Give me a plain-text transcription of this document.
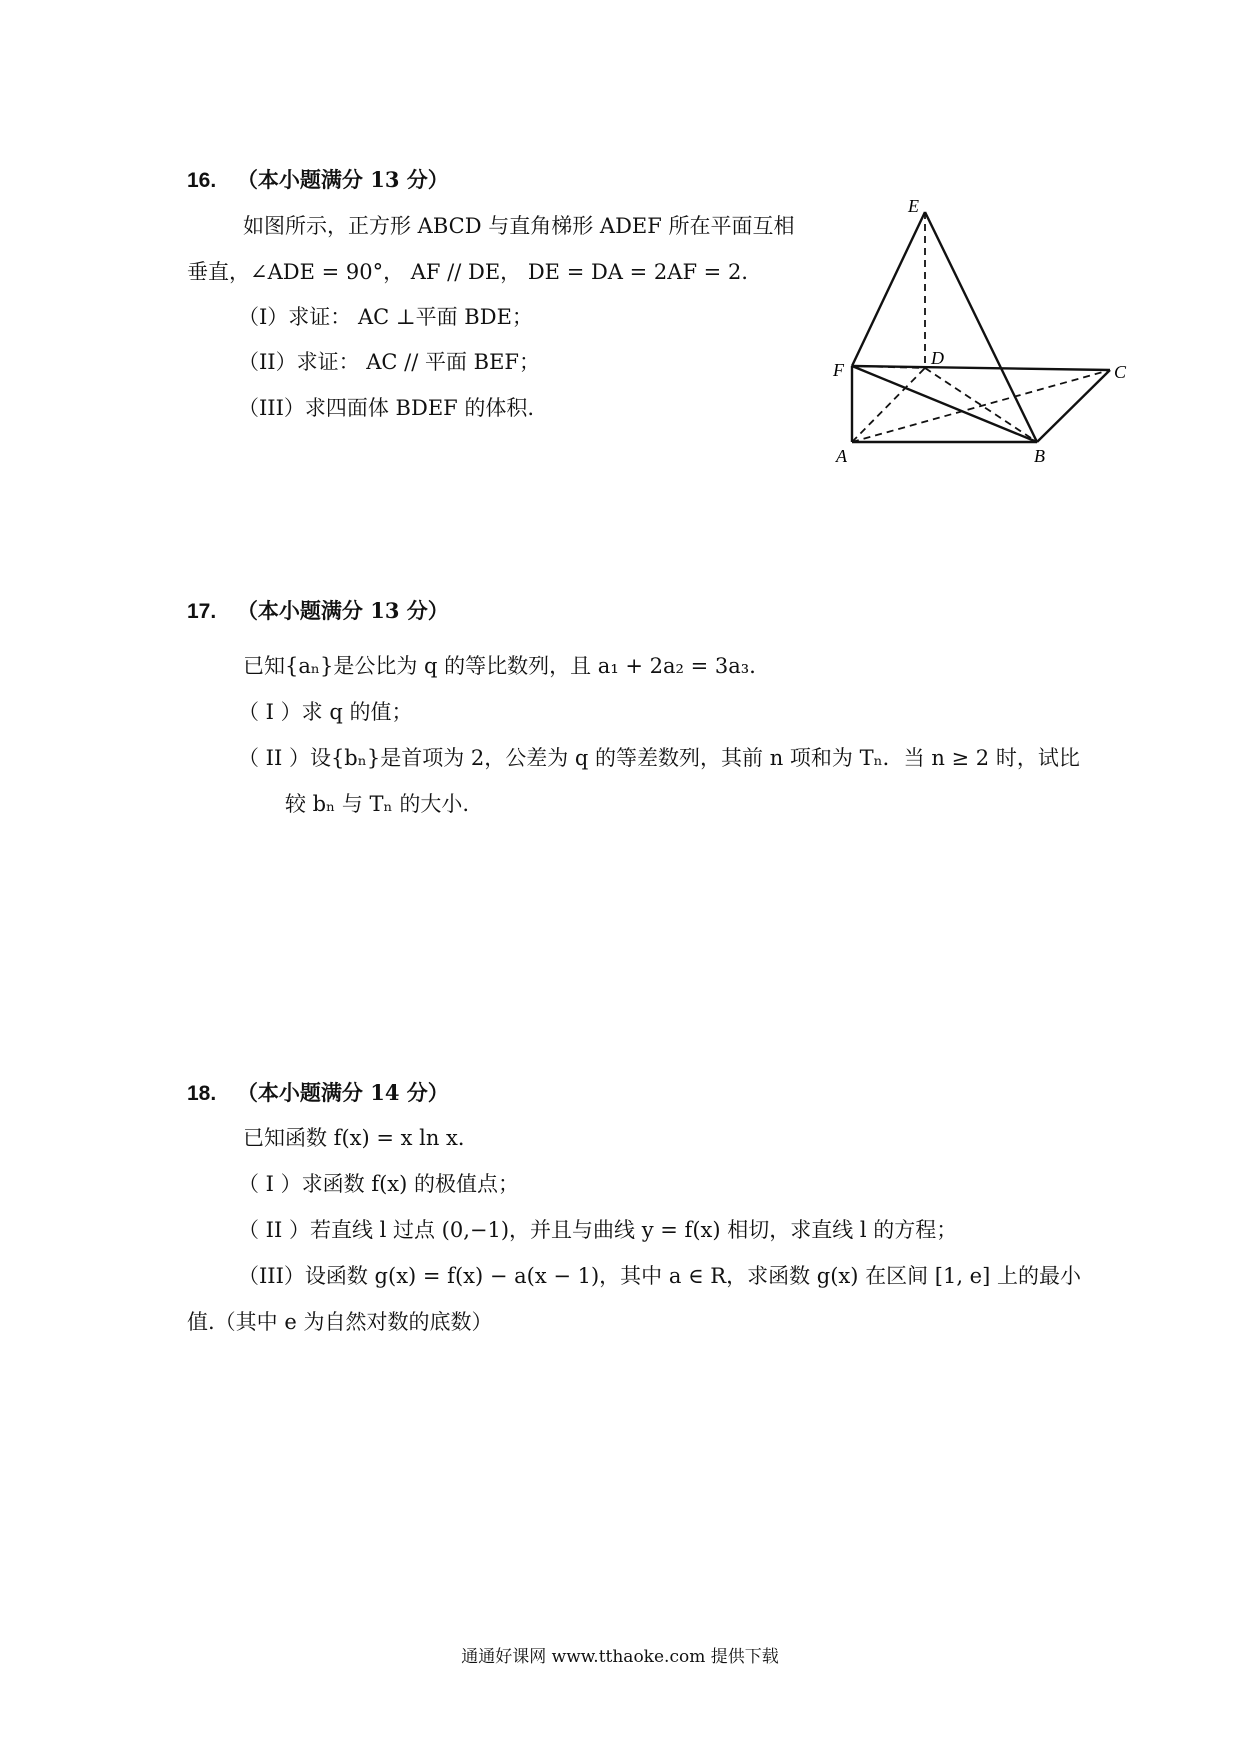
16. （本小题满分 13 分）
如图所示，正方形 ABCD 与直角梯形 ADEF 所在平面互相
垂直，∠ADE = 90°， AF // DE， DE = DA = 2AF = 2．
（I）求证： AC ⊥平面 BDE；
（II）求证： AC // 平面 BEF；
（III）求四面体 BDEF 的体积.
E
D
F	C
A	B
17. （本小题满分 13 分）
已知{aₙ}是公比为 q 的等比数列，且 a₁ + 2a₂ = 3a₃．
（ I ）求 q 的值；
（ II ）设{bₙ}是首项为 2，公差为 q 的等差数列，其前 n 项和为 Tₙ．当 n ≥ 2 时，试比
较 bₙ 与 Tₙ 的大小.
18. （本小题满分 14 分）
已知函数 f(x) = x ln x．
（ I ）求函数 f(x) 的极值点；
（ II ）若直线 l 过点 (0,−1)，并且与曲线 y = f(x) 相切，求直线 l 的方程；
（III）设函数 g(x) = f(x) − a(x − 1)，其中 a ∈ R，求函数 g(x) 在区间 [1, e] 上的最小
值.（其中 e 为自然对数的底数）
通通好课网 www.tthaoke.com 提供下载
